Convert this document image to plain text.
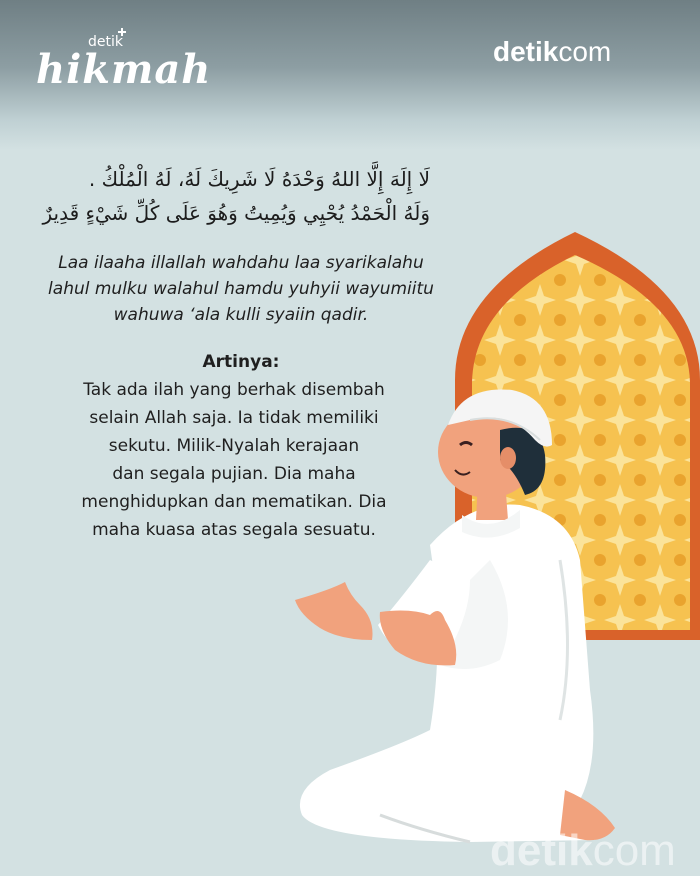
detik
hikmah	detikcom
لَا إِلَهَ إِلَّا اللهُ وَحْدَهُ لَا شَرِيكَ لَهُ، لَهُ الْمُلْكُ .
وَلَهُ الْحَمْدُ يُحْيِي وَيُمِيتُ وَهُوَ عَلَى كُلِّ شَيْءٍ قَدِيرٌ
Laa ilaaha illallah wahdahu laa syarikalahu
lahul mulku walahul hamdu yuhyii wayumiitu
wahuwa ‘ala kulli syaiin qadir.
Artinya:
Tak ada ilah yang berhak disembah
selain Allah saja. Ia tidak memiliki
sekutu. Milik-Nyalah kerajaan
dan segala pujian. Dia maha
menghidupkan dan mematikan. Dia
maha kuasa atas segala sesuatu.
detikcom
